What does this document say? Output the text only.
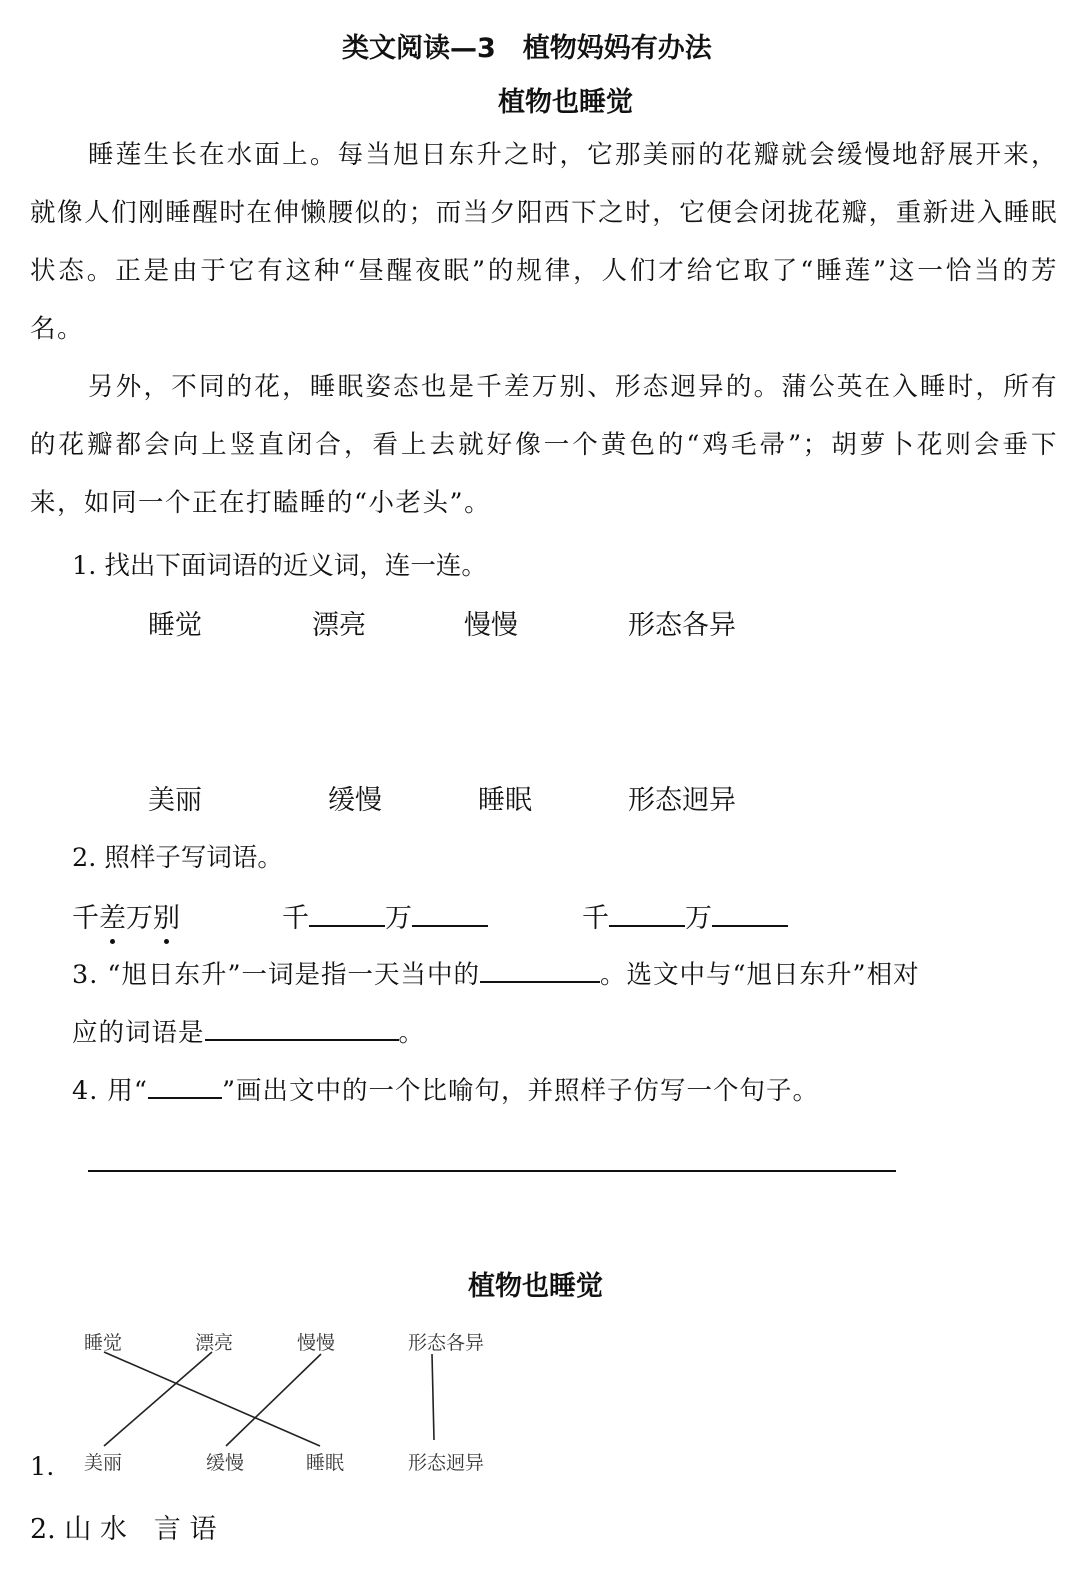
类文阅读—3　植物妈妈有办法
植物也睡觉

睡莲生长在水面上。每当旭日东升之时，它那美丽的花瓣就会缓慢地舒展开来，就像人们刚睡醒时在伸懒腰似的；而当夕阳西下之时，它便会闭拢花瓣，重新进入睡眠状态。正是由于它有这种“昼醒夜眠”的规律，人们才给它取了“睡莲”这一恰当的芳名。

另外，不同的花，睡眠姿态也是千差万别、形态迥异的。蒲公英在入睡时，所有的花瓣都会向上竖直闭合，看上去就好像一个黄色的“鸡毛帚”；胡萝卜花则会垂下来，如同一个正在打瞌睡的“小老头”。

1. 找出下面词语的近义词，连一连。
睡觉	漂亮	慢慢	形态各异
美丽	缓慢	睡眠	形态迥异
2. 照样子写词语。
千差万别	千	万	千	万
3. “旭日东升”一词是指一天当中的	。选文中与“旭日东升”相对
应的词语是	。
4. 用“	”画出文中的一个比喻句，并照样子仿写一个句子。
植物也睡觉
睡觉	漂亮	慢慢	形态各异
1. 美丽	缓慢	睡眠	形态迥异
2. 山 水　言 语
